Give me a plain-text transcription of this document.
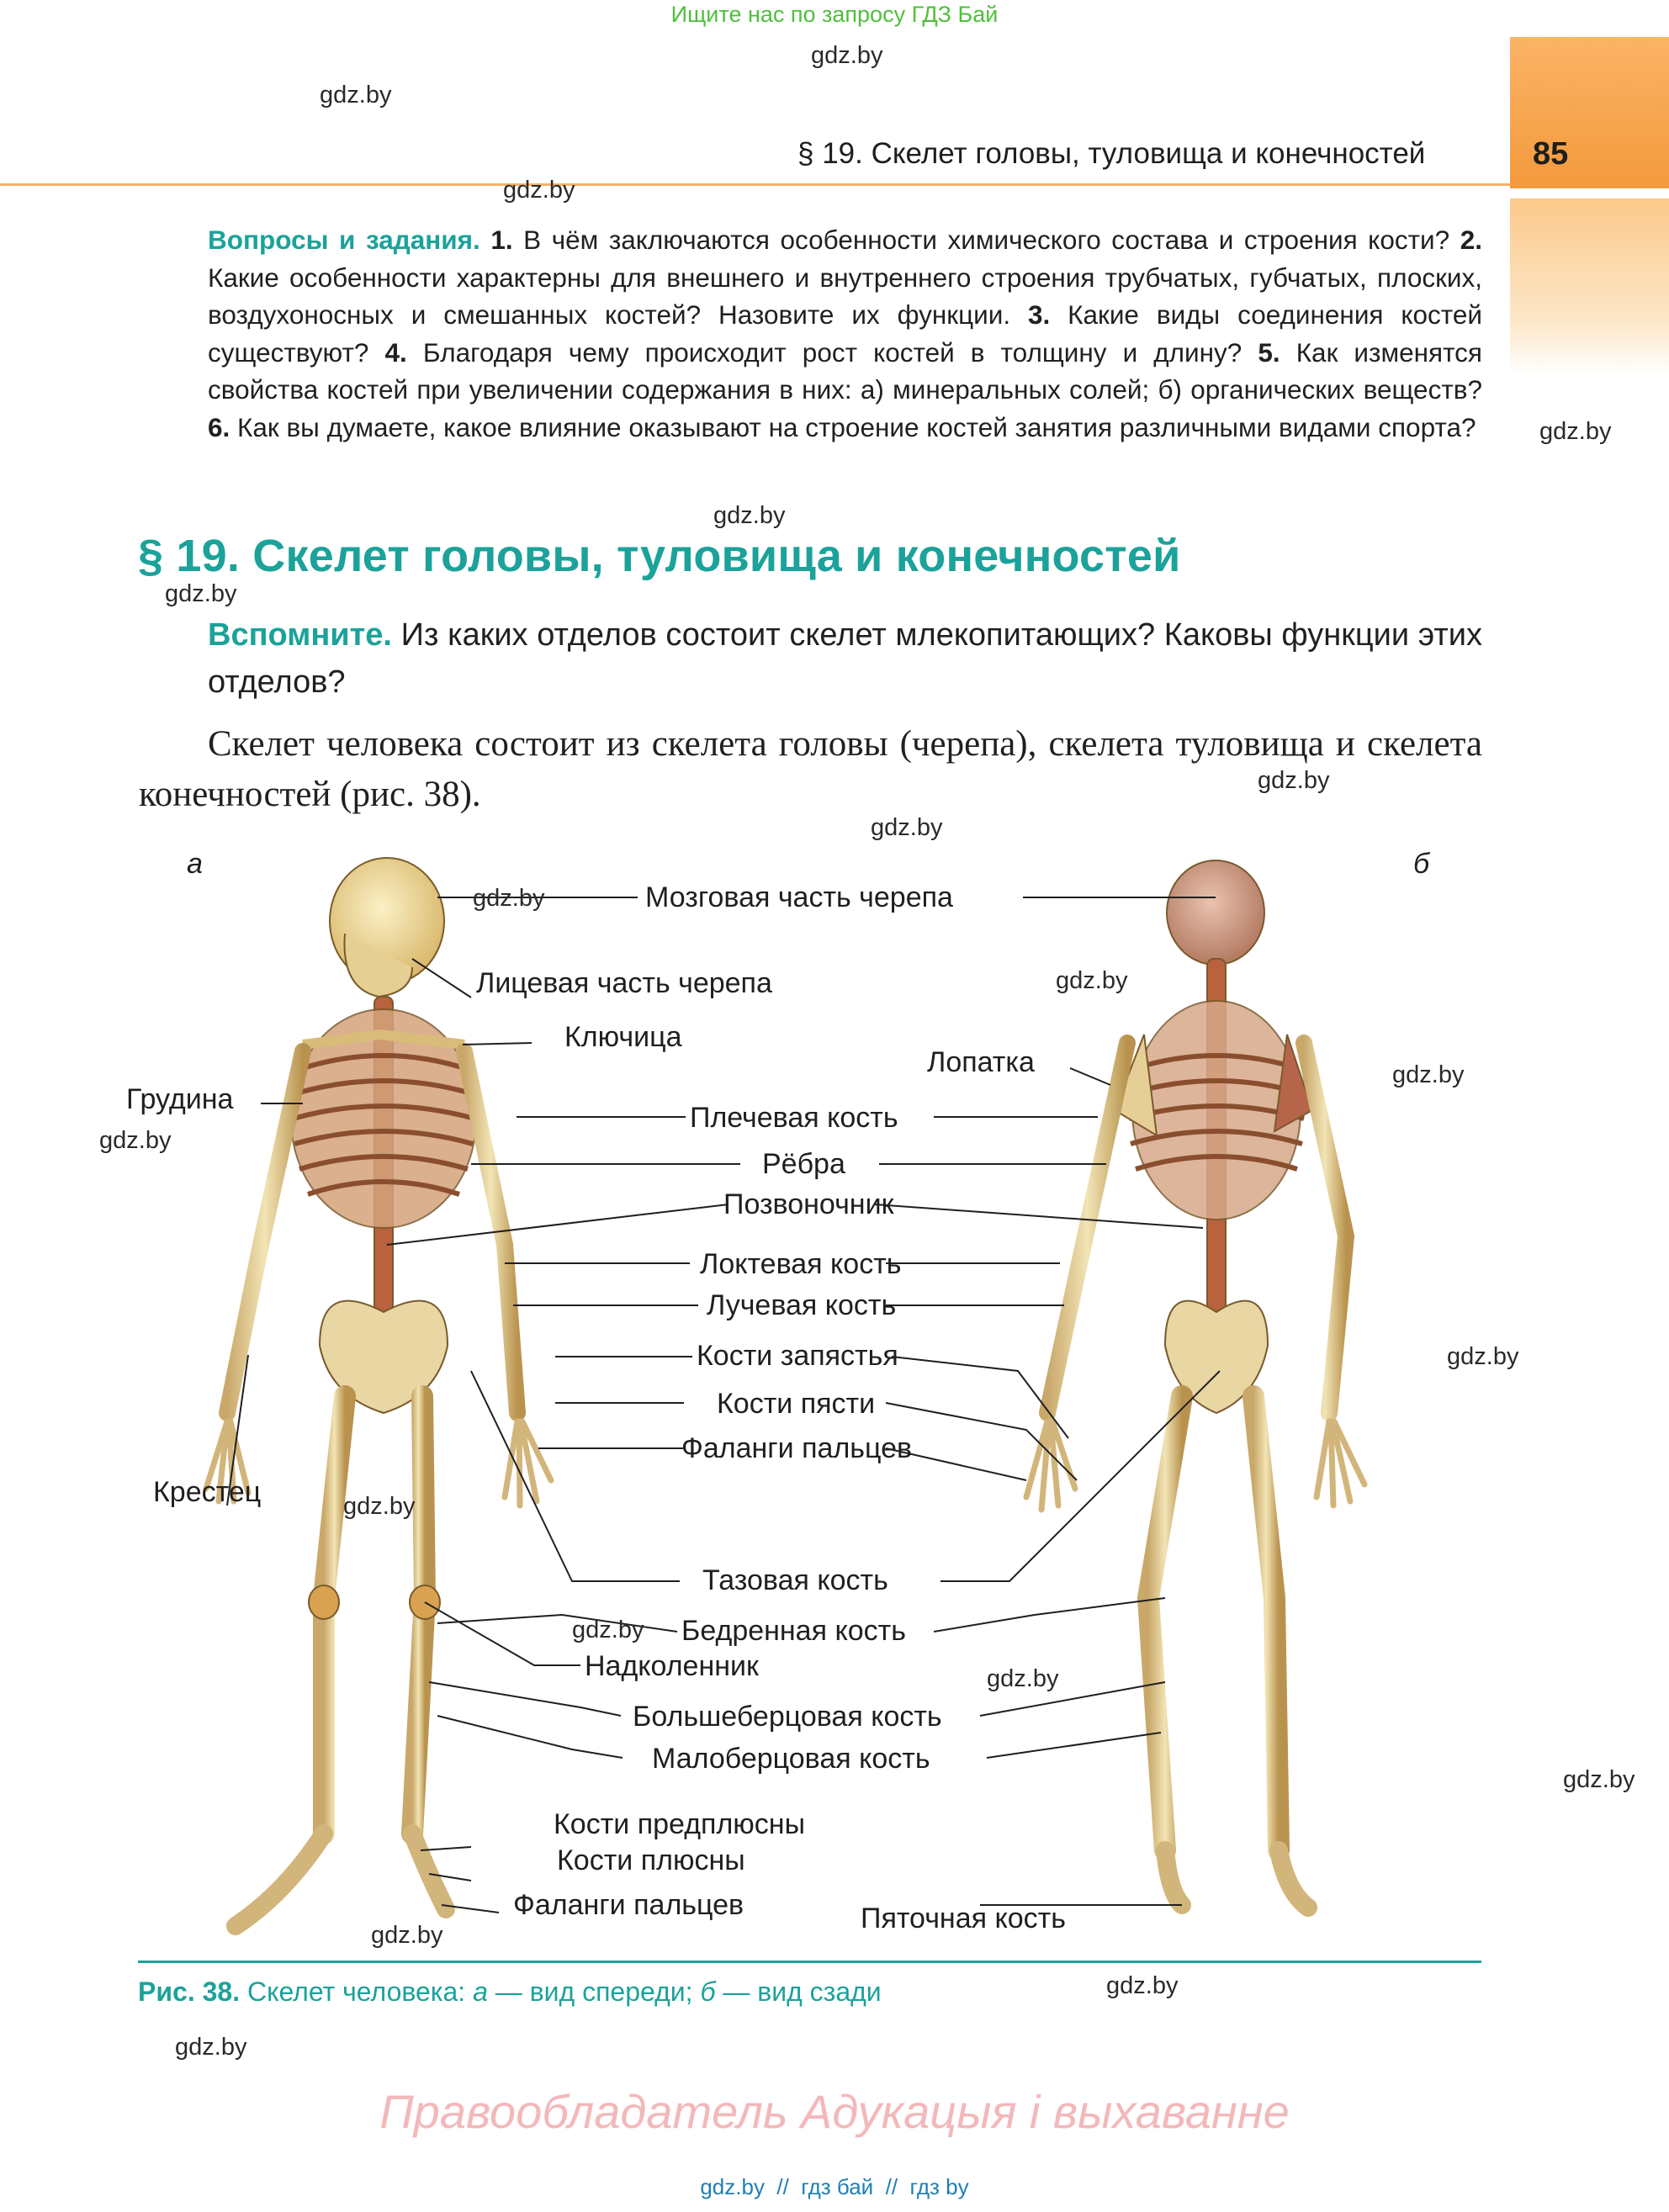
Ищите нас по запросу ГДЗ Бай
85
§ 19. Скелет головы, туловища и конечностей
gdz.by
gdz.by
gdz.by
gdz.by
gdz.by
gdz.by
gdz.by
gdz.by
Вопросы и задания. 1. В чём заключаются особенности химического состава и строения кости? 2. Какие особенности характерны для внешнего и внутреннего строения трубчатых, губчатых, плоских, воздухоносных и смешанных костей? Назовите их функции. 3. Какие виды соединения костей существуют? 4. Благодаря чему происходит рост костей в толщину и длину? 5. Как изменятся свойства костей при увеличении содержания в них: а) минеральных солей; б) органических веществ? 6. Как вы думаете, какое влияние оказывают на строение костей занятия различными видами спорта?
§ 19. Скелет головы, туловища и конечностей
Вспомните. Из каких отделов состоит скелет млекопитающих? Каковы функции этих отделов?
Скелет человека состоит из скелета головы (черепа), скелета туловища и скелета конечностей (рис. 38).
а	б
gdz.by	Мозговая часть черепа
Лицевая часть черепа	gdz.by
Ключица
Лопатка	gdz.by
Грудина
Плечевая кость
gdz.by
Рёбра
Позвоночник
Локтевая кость
Лучевая кость
gdz.by
Кости запястья
Кости пясти
Фаланги пальцев
Крестец	gdz.by
Тазовая кость
gdz.by Бедренная кость
Надколенник	gdz.by
Большеберцовая кость
Малоберцовая кость
gdz.by
Кости предплюсны
Кости плюсны
Фаланги пальцев	Пяточная кость
gdz.by
Рис. 38. Скелет человека: а — вид спереди; б — вид сзади	gdz.by
gdz.by
Правообладатель Адукацыя і выхаванне
gdz.by  //  гдз бай  //  гдз by
